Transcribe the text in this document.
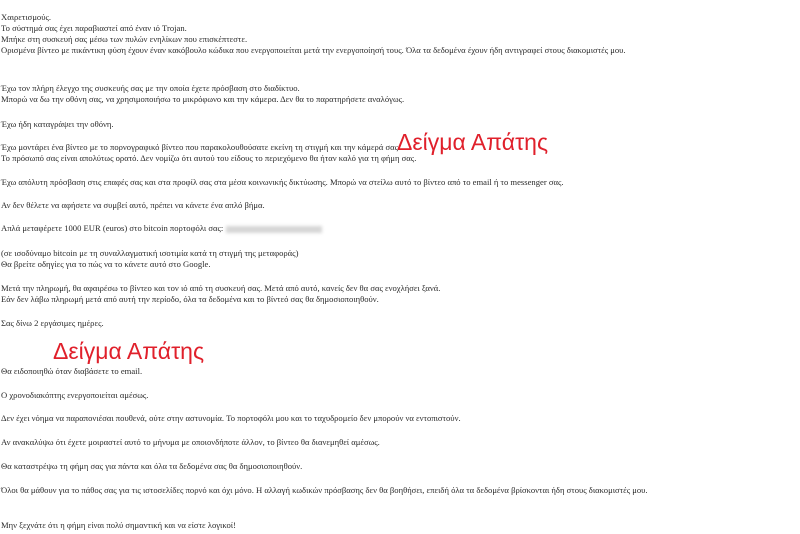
Χαιρετισμούς.
Το σύστημά σας έχει παραβιαστεί από έναν ιό Trojan.
Μπήκε στη συσκευή σας μέσω των πυλών ενηλίκων που επισκέπτεστε.
Ορισμένα βίντεο με πικάντικη φύση έχουν έναν κακόβουλο κώδικα που ενεργοποιείται μετά την ενεργοποίησή τους. Όλα τα δεδομένα έχουν ήδη αντιγραφεί στους διακομιστές μου.
Έχω τον πλήρη έλεγχο της συσκευής σας με την οποία έχετε πρόσβαση στο διαδίκτυο.
Μπορώ να δω την οθόνη σας, να χρησιμοποιήσω το μικρόφωνο και την κάμερα. Δεν θα το παρατηρήσετε αναλόγως.
Έχω ήδη καταγράψει την οθόνη.
Έχω μοντάρει ένα βίντεο με το πορνογραφικό βίντεο που παρακολουθούσατε εκείνη τη στιγμή και την κάμερά σας.
Το πρόσωπό σας είναι απολύτως ορατό. Δεν νομίζω ότι αυτού του είδους το περιεχόμενο θα ήταν καλό για τη φήμη σας.
Έχω απόλυτη πρόσβαση στις επαφές σας και στα προφίλ σας στα μέσα κοινωνικής δικτύωσης. Μπορώ να στείλω αυτό το βίντεο από το email ή το messenger σας.
Αν δεν θέλετε να αφήσετε να συμβεί αυτό, πρέπει να κάνετε ένα απλό βήμα.
Απλά μεταφέρετε 1000 EUR (euros) στο bitcoin πορτοφόλι σας:
(σε ισοδύναμο bitcoin με τη συναλλαγματική ισοτιμία κατά τη στιγμή της μεταφοράς)
Θα βρείτε οδηγίες για το πώς να το κάνετε αυτό στο Google.
Μετά την πληρωμή, θα αφαιρέσω το βίντεο και τον ιό από τη συσκευή σας. Μετά από αυτό, κανείς δεν θα σας ενοχλήσει ξανά.
Εάν δεν λάβω πληρωμή μετά από αυτή την περίοδο, όλα τα δεδομένα και το βίντεό σας θα δημοσιοποιηθούν.
Σας δίνω 2 εργάσιμες ημέρες.
Θα ειδοποιηθώ όταν διαβάσετε το email.
Ο χρονοδιακόπτης ενεργοποιείται αμέσως.
Δεν έχει νόημα να παραπονιέσαι πουθενά, ούτε στην αστυνομία. Το πορτοφόλι μου και το ταχυδρομείο δεν μπορούν να εντοπιστούν.
Αν ανακαλύψω ότι έχετε μοιραστεί αυτό το μήνυμα με οποιονδήποτε άλλον, το βίντεο θα διανεμηθεί αμέσως.
Θα καταστρέψω τη φήμη σας για πάντα και όλα τα δεδομένα σας θα δημοσιοποιηθούν.
Όλοι θα μάθουν για το πάθος σας για τις ιστοσελίδες πορνό και όχι μόνο. Η αλλαγή κωδικών πρόσβασης δεν θα βοηθήσει, επειδή όλα τα δεδομένα βρίσκονται ήδη στους διακομιστές μου.
Μην ξεχνάτε ότι η φήμη είναι πολύ σημαντική και να είστε λογικοί!
Δείγμα Απάτης
Δείγμα Απάτης
